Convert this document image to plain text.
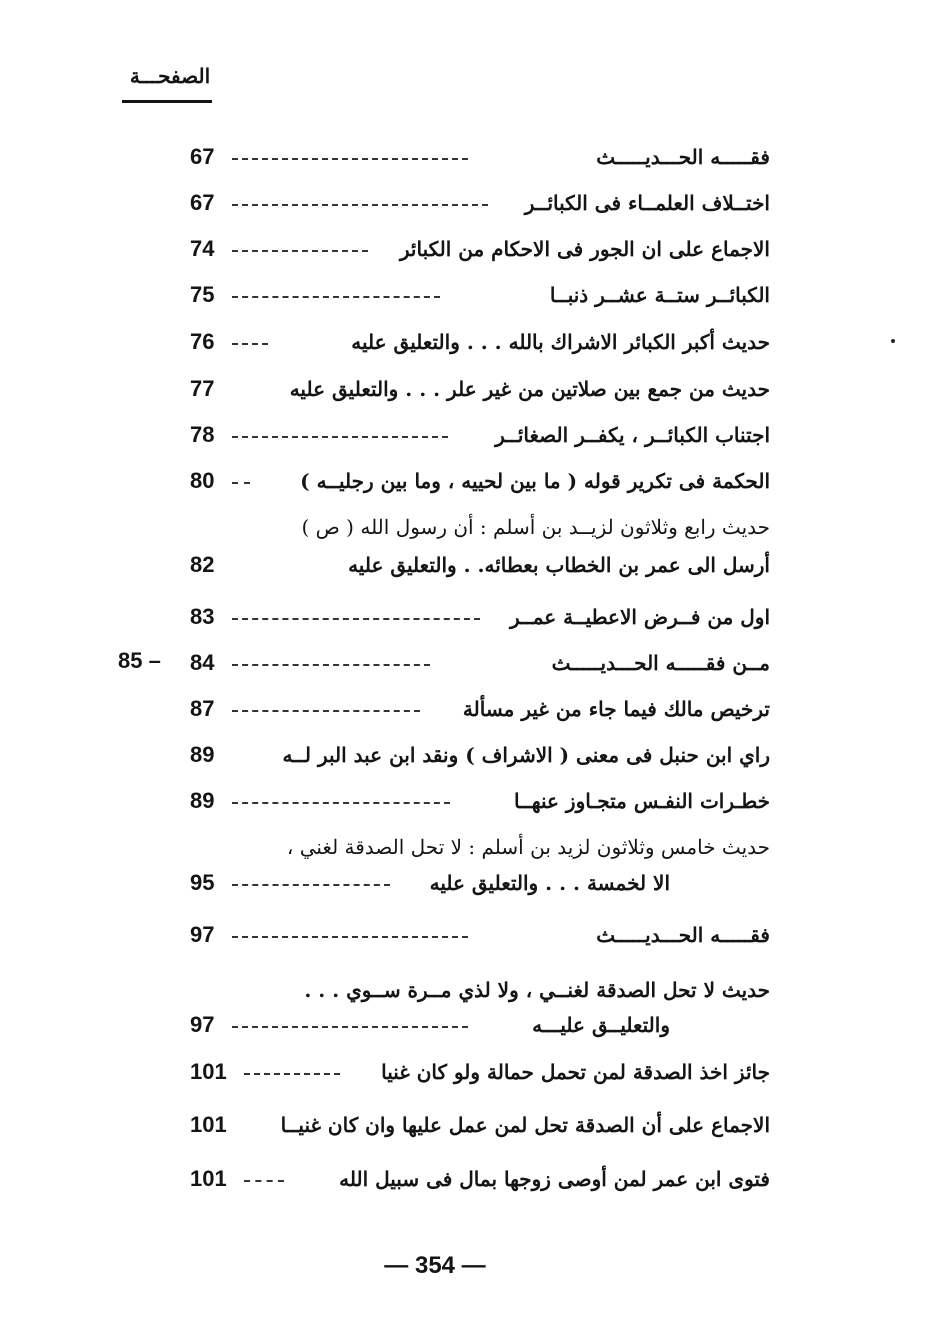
الصفحـــة
67	فقـــــه الحـــديـــــث
67	اختــلاف العلمــاء فى الكبائــر
74	الاجماع على ان الجور فى الاحكام من الكبائر
75	الكبائــر ستــة عشــر ذنبــا
76	حديث أكبر الكبائر الاشراك بالله . . . والتعليق عليه
77	حديث من جمع بين صلاتين من غير علر . . . والتعليق عليه
78	اجتناب الكبائــر ، يكفــر الصغائــر
80	الحكمة فى تكرير قوله ( ما بين لحييه ، وما بين رجليــه )
حديث رابع وثلاثون لزيــد بن أسلم : أن رسول الله ( ص )
82	أرسل الى عمر بن الخطاب بعطائه. . والتعليق عليه
83	اول من فــرض الاعطيــة عمــر
85 – 84	مــن فقـــــه الحـــديـــــث
87	ترخيص مالك فيما جاء من غير مسألة
89	راي ابن حنبل فى معنى ( الاشراف ) ونقد ابن عبد البر لــه
89	خطـرات النفـس متجـاوز عنهــا
حديث خامس وثلاثون لزيد بن أسلم : لا تحل الصدقة لغني ،
95	الا لخمسة . . . والتعليق عليه
97	فقـــــه الحـــديـــــث
حديث لا تحل الصدقة لغنــي ، ولا لذي مــرة ســوي . . .
97	والتعليــق عليـــه
101	جائز اخذ الصدقة لمن تحمل حمالة ولو كان غنيا
101	الاجماع على أن الصدقة تحل لمن عمل عليها وان كان غنيــا
101	فتوى ابن عمر لمن أوصى زوجها بمال فى سبيل الله
— 354 —
